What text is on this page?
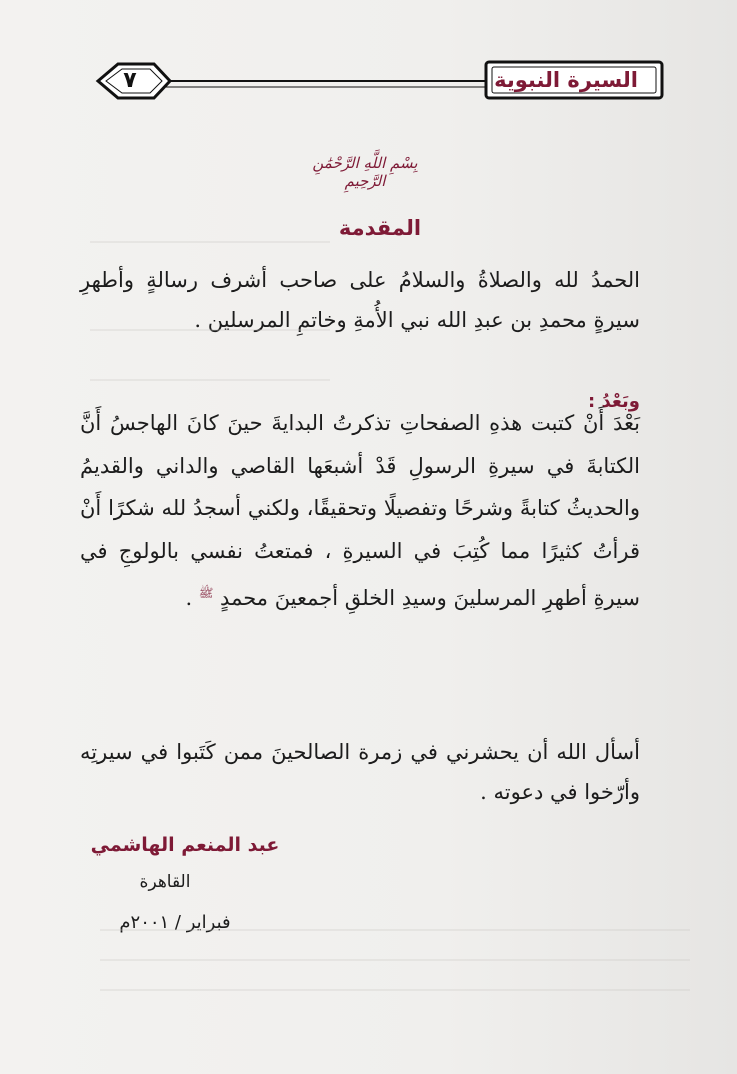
٧	السيرة النبوية
بِسْمِ اللَّهِ الرَّحْمَٰنِ الرَّحِيمِ
المقدمة

الحمدُ لله والصلاةُ والسلامُ على صاحب أشرف رسالةٍ وأطهرِ سيرةٍ محمدِ بن عبدِ الله نبي الأُمةِ وخاتمِ المرسلين .

وبَعْدُ :

بَعْدَ أَنْ كتبت هذهِ الصفحاتِ تذكرتُ البدايةَ حينَ كانَ الهاجسُ أَنَّ الكتابةَ في سيرةِ الرسولِ قَدْ أشبعَها القاصي والداني والقديمُ والحديثُ كتابةً وشرحًا وتفصيلًا وتحقيقًا، ولكني أسجدُ لله شكرًا أَنْ قرأتُ كثيرًا مما كُتِبَ في السيرةِ ، فمتعتُ نفسي بالولوجِ في سيرةِ أطهرِ المرسلينَ وسيدِ الخلقِ أجمعينَ محمدٍ $^ﷺ$ .

أسأل الله أن يحشرني في زمرة الصالحينَ ممن كَتَبوا في سيرتِه وأرّخوا في دعوته .

عبد المنعم الهاشمي
القاهرة
فبراير / ٢٠٠١م
